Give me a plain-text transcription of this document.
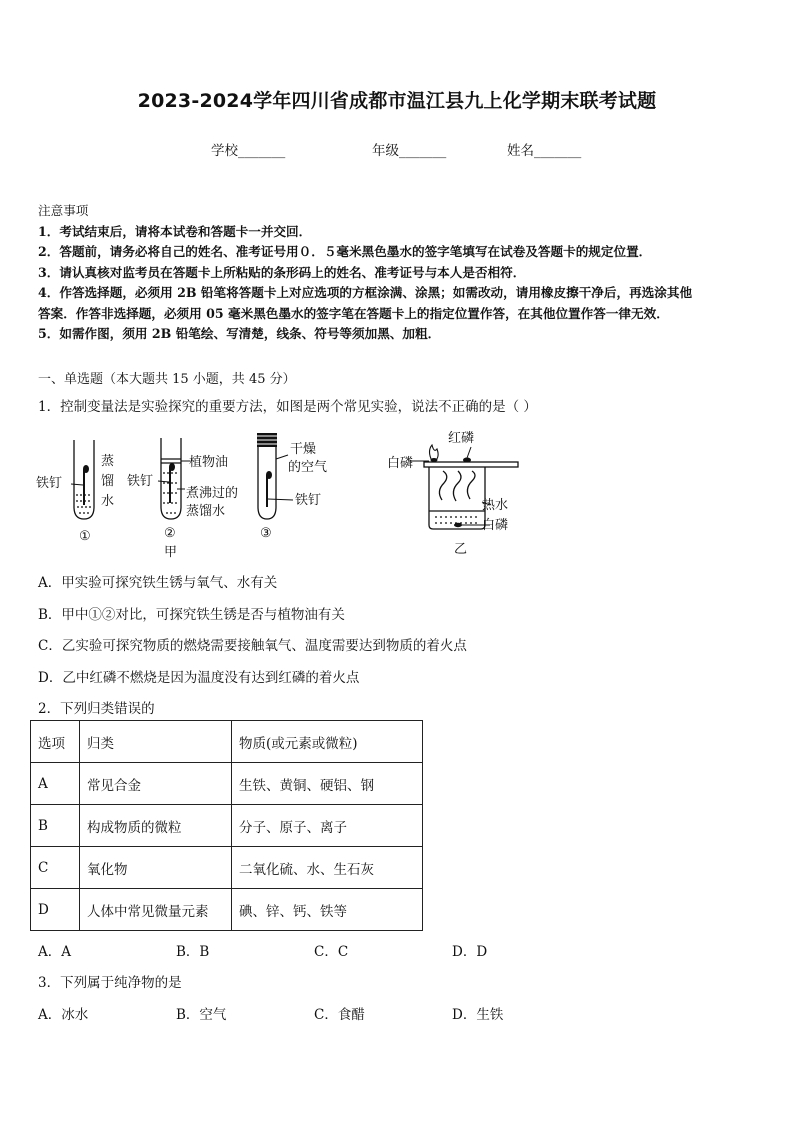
2023-2024学年四川省成都市温江县九上化学期末联考试题
学校_______	年级_______	姓名_______
注意事项
1．考试结束后，请将本试卷和答题卡一并交回．
2．答题前，请务必将自己的姓名、准考证号用０．５毫米黑色墨水的签字笔填写在试卷及答题卡的规定位置．
3．请认真核对监考员在答题卡上所粘贴的条形码上的姓名、准考证号与本人是否相符．
4．作答选择题，必须用 2B 铅笔将答题卡上对应选项的方框涂满、涂黑；如需改动，请用橡皮擦干净后，再选涂其他
答案．作答非选择题，必须用 05 毫米黑色墨水的签字笔在答题卡上的指定位置作答，在其他位置作答一律无效．
5．如需作图，须用 2B 铅笔绘、写清楚，线条、符号等须加黑、加粗．
一、单选题（本大题共 15 小题，共 45 分）
1．控制变量法是实验探究的重要方法，如图是两个常见实验，说法不正确的是（ ）
铁钉
蒸
馏
水
①
铁钉
植物油
煮沸过的
蒸馏水
②
甲
干燥
的空气
铁钉
③
红磷
白磷
热水
白磷
乙
A．甲实验可探究铁生锈与氧气、水有关
B．甲中①②对比，可探究铁生锈是否与植物油有关
C．乙实验可探究物质的燃烧需要接触氧气、温度需要达到物质的着火点
D．乙中红磷不燃烧是因为温度没有达到红磷的着火点
2．下列归类错误的
选项	归类	物质(或元素或微粒)
A	常见合金	生铁、黄铜、硬铝、钢
B	构成物质的微粒	分子、原子、离子
C	氧化物	二氧化硫、水、生石灰
D	人体中常见微量元素	碘、锌、钙、铁等
A．A	B．B	C．C	D．D
3．下列属于纯净物的是
A．冰水	B．空气	C．食醋	D．生铁
